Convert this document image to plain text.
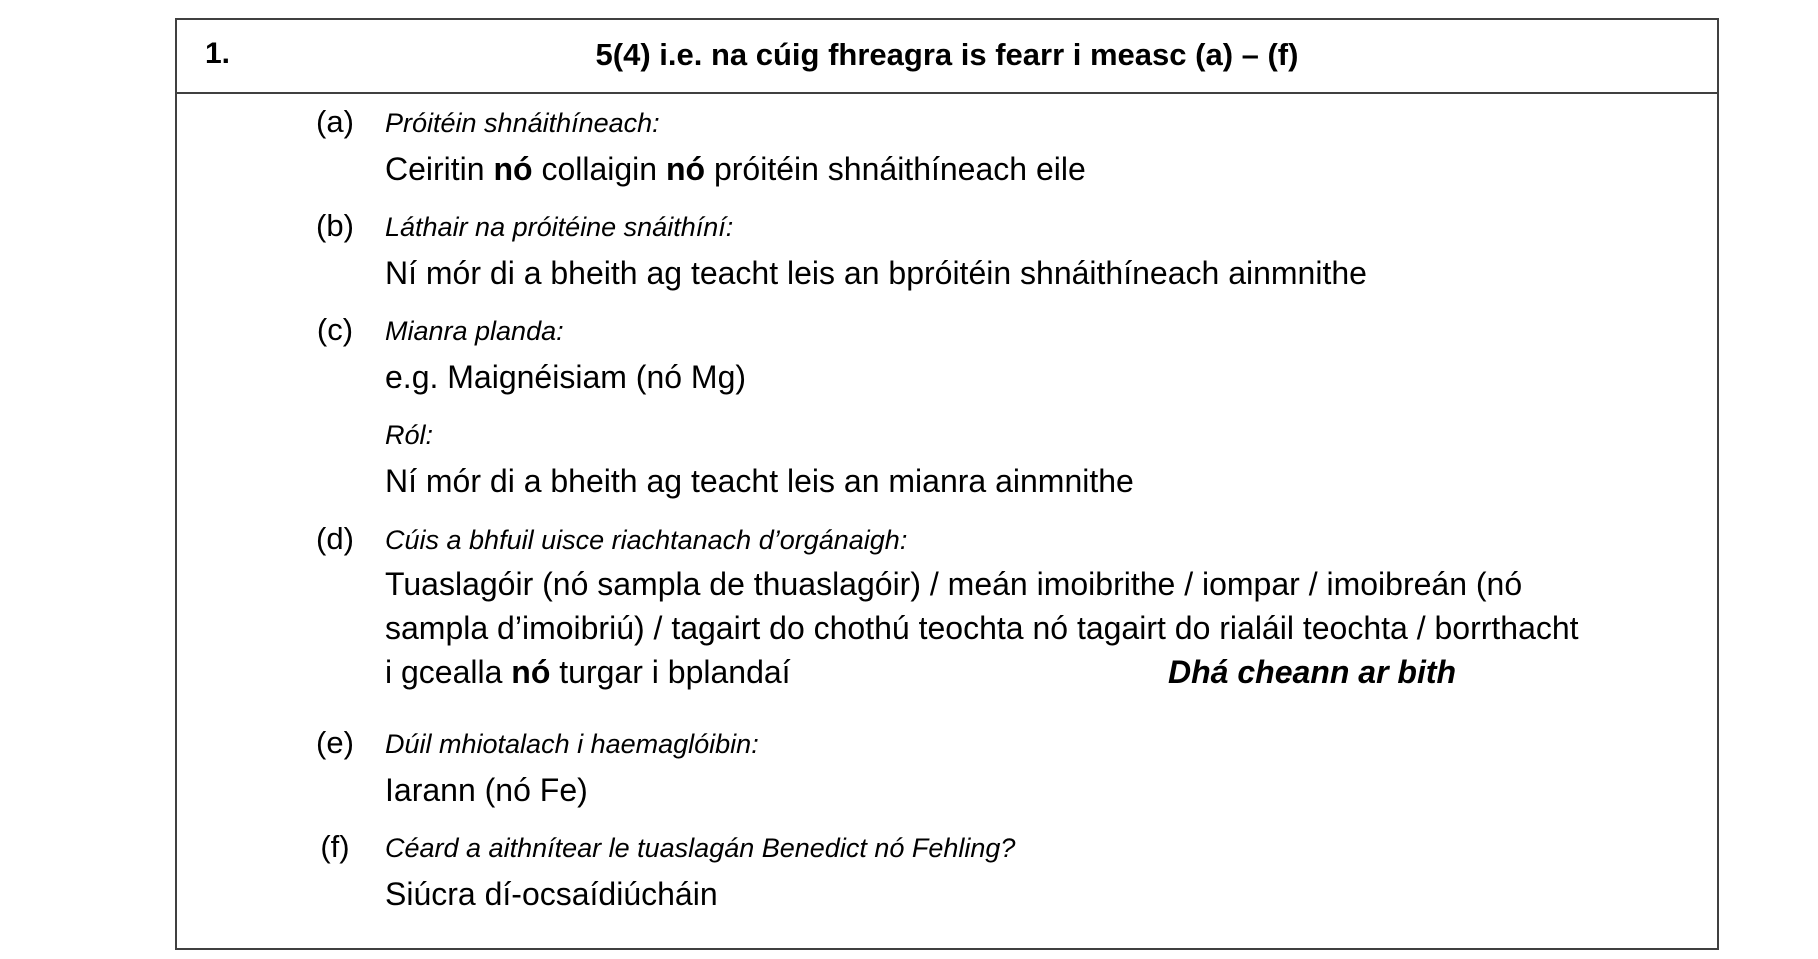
1.	5(4) i.e. na cúig fhreagra is fearr i measc (a) – (f)
(a)	Próitéin shnáithíneach:
Ceiritin nó collaigin nó próitéin shnáithíneach eile
(b)	Láthair na próitéine snáithíní:
Ní mór di a bheith ag teacht leis an bpróitéin shnáithíneach ainmnithe
(c)	Mianra planda:
e.g. Maignéisiam (nó Mg)
Ról:
Ní mór di a bheith ag teacht leis an mianra ainmnithe
(d)	Cúis a bhfuil uisce riachtanach d’orgánaigh:
Tuaslagóir (nó sampla de thuaslagóir) / meán imoibrithe / iompar / imoibreán (nó
sampla d’imoibriú) / tagairt do chothú teochta nó tagairt do rialáil teochta / borrthacht
i gcealla nó turgar i bplandaí	Dhá cheann ar bith
(e)	Dúil mhiotalach i haemaglóibin:
Iarann (nó Fe)
(f)	Céard a aithnítear le tuaslagán Benedict nó Fehling?
Siúcra dí-ocsaídiúcháin
